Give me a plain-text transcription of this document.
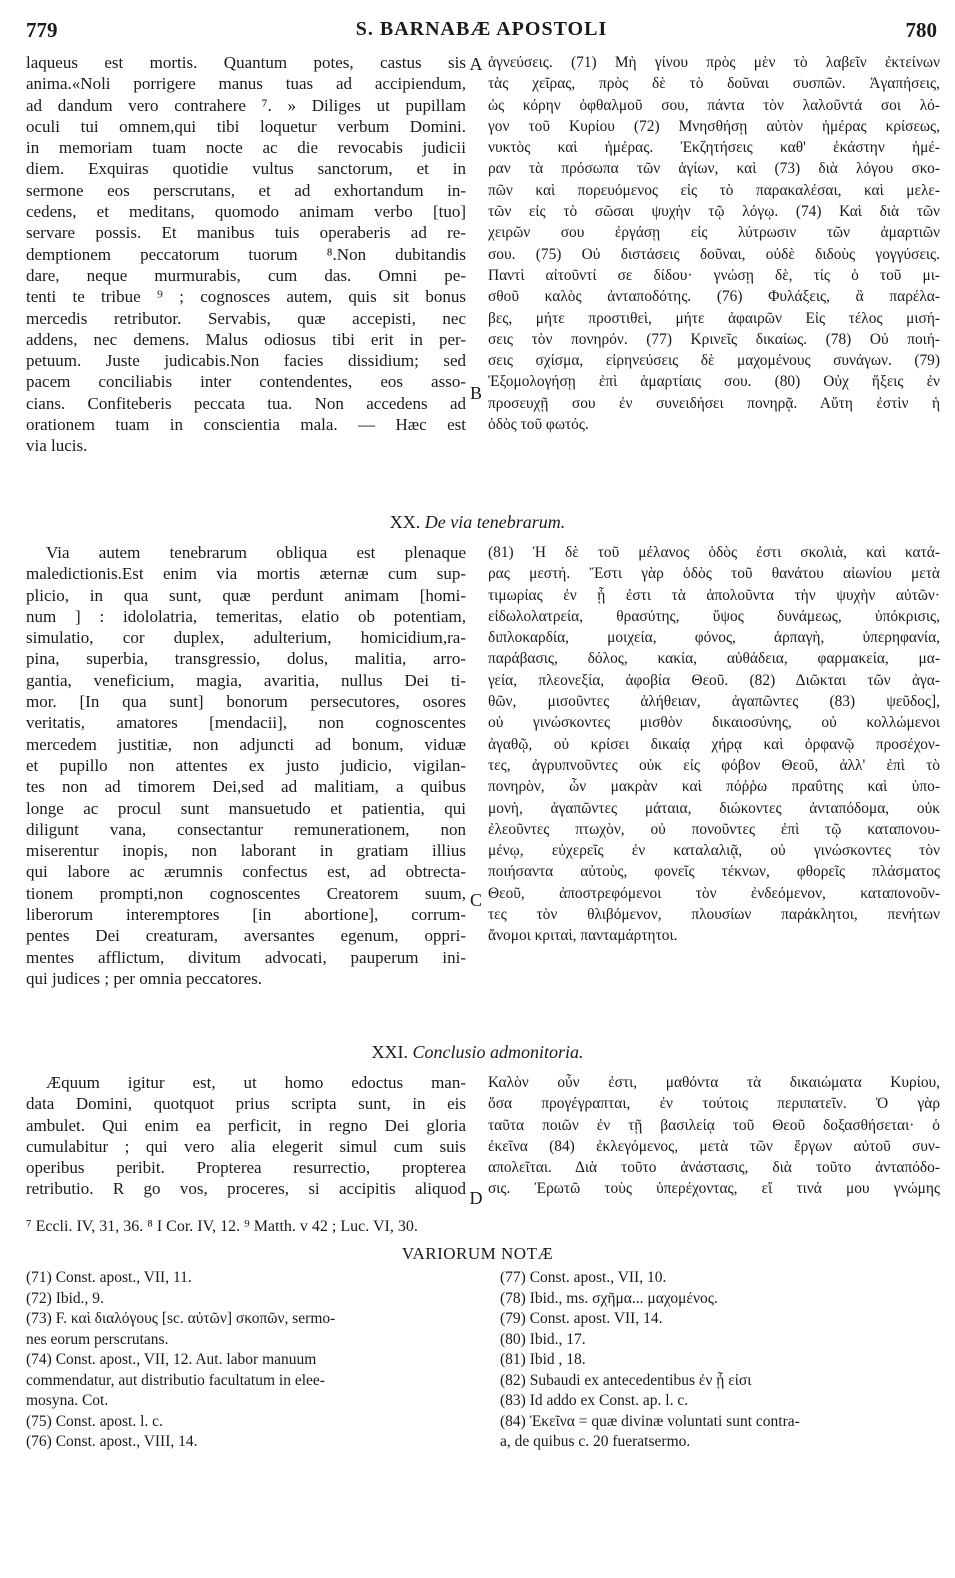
779	S. BARNABÆ APOSTOLI	780
laqueus est mortis. Quantum potes, castus sis
anima.«Noli porrigere manus tuas ad accipiendum,
ad dandum vero contrahere ⁷. » Diliges ut pupillam
oculi tui omnem,qui tibi loquetur verbum Domini.
in memoriam tuam nocte ac die revocabis judicii
diem. Exquiras quotidie vultus sanctorum, et in
sermone eos perscrutans, et ad exhortandum in-
cedens, et meditans, quomodo animam verbo [tuo]
servare possis. Et manibus tuis operaberis ad re-
demptionem peccatorum tuorum ⁸.Non dubitandis
dare, neque murmurabis, cum das. Omni pe-
tenti te tribue ⁹ ; cognosces autem, quis sit bonus
mercedis retributor. Servabis, quæ accepisti, nec
addens, nec demens. Malus odiosus tibi erit in per-
petuum. Juste judicabis.Non facies dissidium; sed
pacem conciliabis inter contendentes, eos asso-
cians. Confiteberis peccata tua. Non accedens ad
orationem tuam in conscientia mala. — Hæc est
via lucis.
ἁγνεύσεις. (71) Μὴ γίνου πρὸς μὲν τὸ λαβεῖν ἐκτείνων
τὰς χεῖρας, πρὸς δὲ τὸ δοῦναι συσπῶν. Ἀγαπήσεις,
ὡς κόρην ὀφθαλμοῦ σου, πάντα τὸν λαλοῦντά σοι λό-
γον τοῦ Κυρίου (72) Μνησθήσῃ αὐτὸν ἡμέρας κρίσεως,
νυκτὸς καὶ ἡμέρας. Ἐκζητήσεις καθ' ἑκάστην ἡμέ-
ραν τὰ πρόσωπα τῶν ἁγίων, καὶ (73) διὰ λόγου σκο-
πῶν καὶ πορευόμενος εἰς τὸ παρακαλέσαι, καὶ μελε-
τῶν εἰς τὸ σῶσαι ψυχὴν τῷ λόγῳ. (74) Καὶ διὰ τῶν
χειρῶν σου ἐργάσῃ εἰς λύτρωσιν τῶν ἁμαρτιῶν
σου. (75) Οὐ διστάσεις δοῦναι, οὐδὲ διδοὺς γογγύσεις.
Παντὶ αἰτοῦντί σε δίδου· γνώσῃ δὲ, τίς ὁ τοῦ μι-
σθοῦ καλὸς ἀνταποδότης. (76) Φυλάξεις, ἃ παρέλα-
βες, μήτε προστιθεὶ, μήτε ἀφαιρῶν Εἰς τέλος μισή-
σεις τὸν πονηρόν. (77) Κρινεῖς δικαίως. (78) Οὐ ποιή-
σεις σχίσμα, εἰρηνεύσεις δὲ μαχομένους συνάγων. (79)
Ἐξομολογήσῃ ἐπὶ ἁμαρτίαις σου. (80) Οὐχ ἥξεις ἐν
προσευχῇ σου ἐν συνειδήσει πονηρᾷ. Αὕτη ἐστὶν ἡ
ὁδὸς τοῦ φωτός.
A
B
XX. De via tenebrarum.
Via autem tenebrarum obliqua est plenaque
maledictionis.Est enim via mortis æternæ cum sup-
plicio, in qua sunt, quæ perdunt animam [homi-
num ] : idololatria, temeritas, elatio ob potentiam,
simulatio, cor duplex, adulterium, homicidium,ra-
pina, superbia, transgressio, dolus, malitia, arro-
gantia, veneficium, magia, avaritia, nullus Dei ti-
mor. [In qua sunt] bonorum persecutores, osores
veritatis, amatores [mendacii], non cognoscentes
mercedem justitiæ, non adjuncti ad bonum, viduæ
et pupillo non attentes ex justo judicio, vigilan-
tes non ad timorem Dei,sed ad malitiam, a quibus
longe ac procul sunt mansuetudo et patientia, qui
diligunt vana, consectantur remunerationem, non
miserentur inopis, non laborant in gratiam illius
qui labore ac ærumnis confectus est, ad obtrecta-
tionem prompti,non cognoscentes Creatorem suum,
liberorum interemptores [in abortione], corrum-
pentes Dei creaturam, aversantes egenum, oppri-
mentes afflictum, divitum advocati, pauperum ini-
qui judices ; per omnia peccatores.
(81) Ἡ δὲ τοῦ μέλανος ὁδὸς ἐστι σκολιὰ, καὶ κατά-
ρας μεστή. Ἔστι γὰρ ὁδὸς τοῦ θανάτου αἰωνίου μετὰ
τιμωρίας ἐν ᾗ ἐστι τὰ ἀπολοῦντα τὴν ψυχὴν αὐτῶν·
εἰδωλολατρεία, θρασύτης, ὕψος δυνάμεως, ὑπόκρισις,
διπλοκαρδία, μοιχεία, φόνος, ἁρπαγὴ, ὑπερηφανία,
παράβασις, δόλος, κακία, αὐθάδεια, φαρμακεία, μα-
γεία, πλεονεξία, ἀφοβία Θεοῦ. (82) Διῶκται τῶν ἀγα-
θῶν, μισοῦντες ἀλήθειαν, ἀγαπῶντες (83) ψεῦδος],
οὐ γινώσκοντες μισθὸν δικαιοσύνης, οὐ κολλώμενοι
ἀγαθῷ, οὐ κρίσει δικαίᾳ χήρᾳ καὶ ὀρφανῷ προσέχον-
τες, ἀγρυπνοῦντες οὐκ εἰς φόβον Θεοῦ, ἀλλ' ἐπὶ τὸ
πονηρὸν, ὧν μακρὰν καὶ πόῤῥω πραΰτης καὶ ὑπο-
μονὴ, ἀγαπῶντες μάταια, διώκοντες ἀνταπόδομα, οὐκ
ἐλεοῦντες πτωχὸν, οὐ πονοῦντες ἐπὶ τῷ καταπονου-
μένῳ, εὐχερεῖς ἐν καταλαλιᾷ, οὐ γινώσκοντες τὸν
ποιήσαντα αὐτοὺς, φονεῖς τέκνων, φθορεῖς πλάσματος
Θεοῦ, ἀποστρεφόμενοι τὸν ἐνδεόμενον, καταπονοῦν-
τες τὸν θλιβόμενον, πλουσίων παράκλητοι, πενήτων
ἄνομοι κριταὶ, πανταμάρτητοι.
C
XXI. Conclusio admonitoria.
Æquum igitur est, ut homo edoctus man-
data Domini, quotquot prius scripta sunt, in eis
ambulet. Qui enim ea perficit, in regno Dei gloria
cumulabitur ; qui vero alia elegerit simul cum suis
operibus peribit. Propterea resurrectio, propterea
retributio. R go vos, proceres, si accipitis aliquod
Καλὸν οὖν ἐστι, μαθόντα τὰ δικαιώματα Κυρίου,
ὅσα προγέγραπται, ἐν τούτοις περιπατεῖν. Ὁ γὰρ
ταῦτα ποιῶν ἐν τῇ βασιλείᾳ τοῦ Θεοῦ δοξασθήσεται· ὁ
ἐκεῖνα (84) ἐκλεγόμενος, μετὰ τῶν ἔργων αὐτοῦ συν-
απολεῖται. Διὰ τοῦτο ἀνάστασις, διὰ τοῦτο ἀνταπόδο-
σις. Ἐρωτῶ τοὺς ὑπερέχοντας, εἴ τινά μου γνώμης
D
⁷ Eccli. IV, 31, 36. ⁸ I Cor. IV, 12. ⁹ Matth. v 42 ; Luc. VI, 30.
VARIORUM NOTÆ
(71) Const. apost., VII, 11.
(72) Ibid., 9.
(73) F. καὶ διαλόγους [sc. αὐτῶν] σκοπῶν, sermo-
nes eorum perscrutans.
(74) Const. apost., VII, 12. Aut. labor manuum
commendatur, aut distributio facultatum in elee-
mosyna. Cot.
(75) Const. apost. l. c.
(76) Const. apost., VIII, 14.
(77) Const. apost., VII, 10.
(78) Ibid., ms. σχῆμα... μαχομένος.
(79) Const. apost. VII, 14.
(80) Ibid., 17.
(81) Ibid , 18.
(82) Subaudi ex antecedentibus ἐν ᾗ εἰσι
(83) Id addo ex Const. ap. l. c.
(84) Ἐκεῖνα = quæ divinæ voluntati sunt contra-
a, de quibus c. 20 fueratsermo.
